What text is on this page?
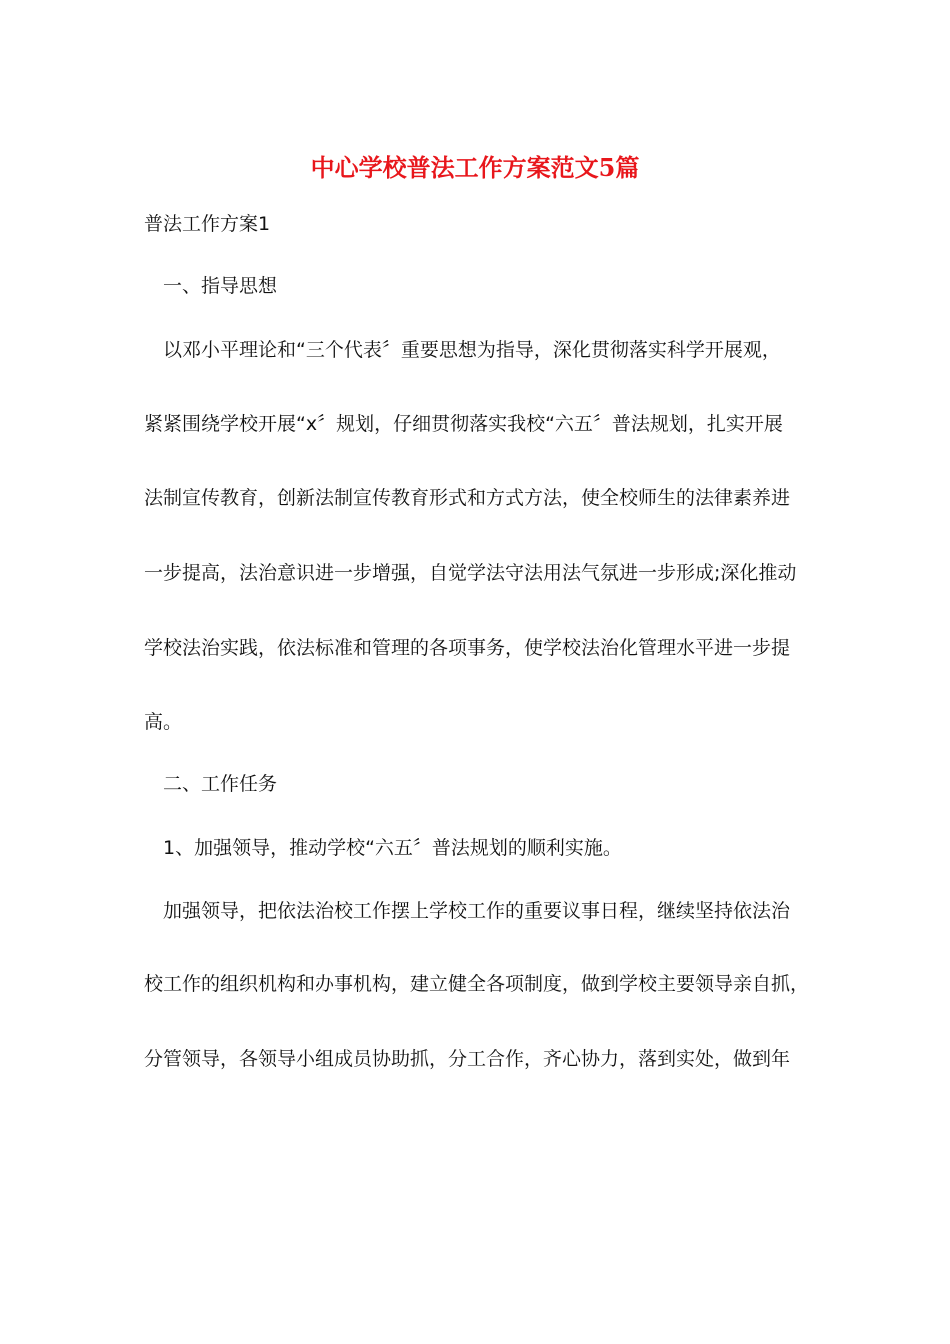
中心学校普法工作方案范文5篇
普法工作方案1
一、指导思想
以邓小平理论和“三个代表〞重要思想为指导，深化贯彻落实科学开展观，
紧紧围绕学校开展“x〞规划，仔细贯彻落实我校“六五〞普法规划，扎实开展
法制宣传教育，创新法制宣传教育形式和方式方法，使全校师生的法律素养进
一步提高，法治意识进一步增强，自觉学法守法用法气氛进一步形成;深化推动
学校法治实践，依法标准和管理的各项事务，使学校法治化管理水平进一步提
高。
二、工作任务
1、加强领导，推动学校“六五〞普法规划的顺利实施。
加强领导，把依法治校工作摆上学校工作的重要议事日程，继续坚持依法治
校工作的组织机构和办事机构，建立健全各项制度，做到学校主要领导亲自抓，
分管领导，各领导小组成员协助抓，分工合作，齐心协力，落到实处，做到年
